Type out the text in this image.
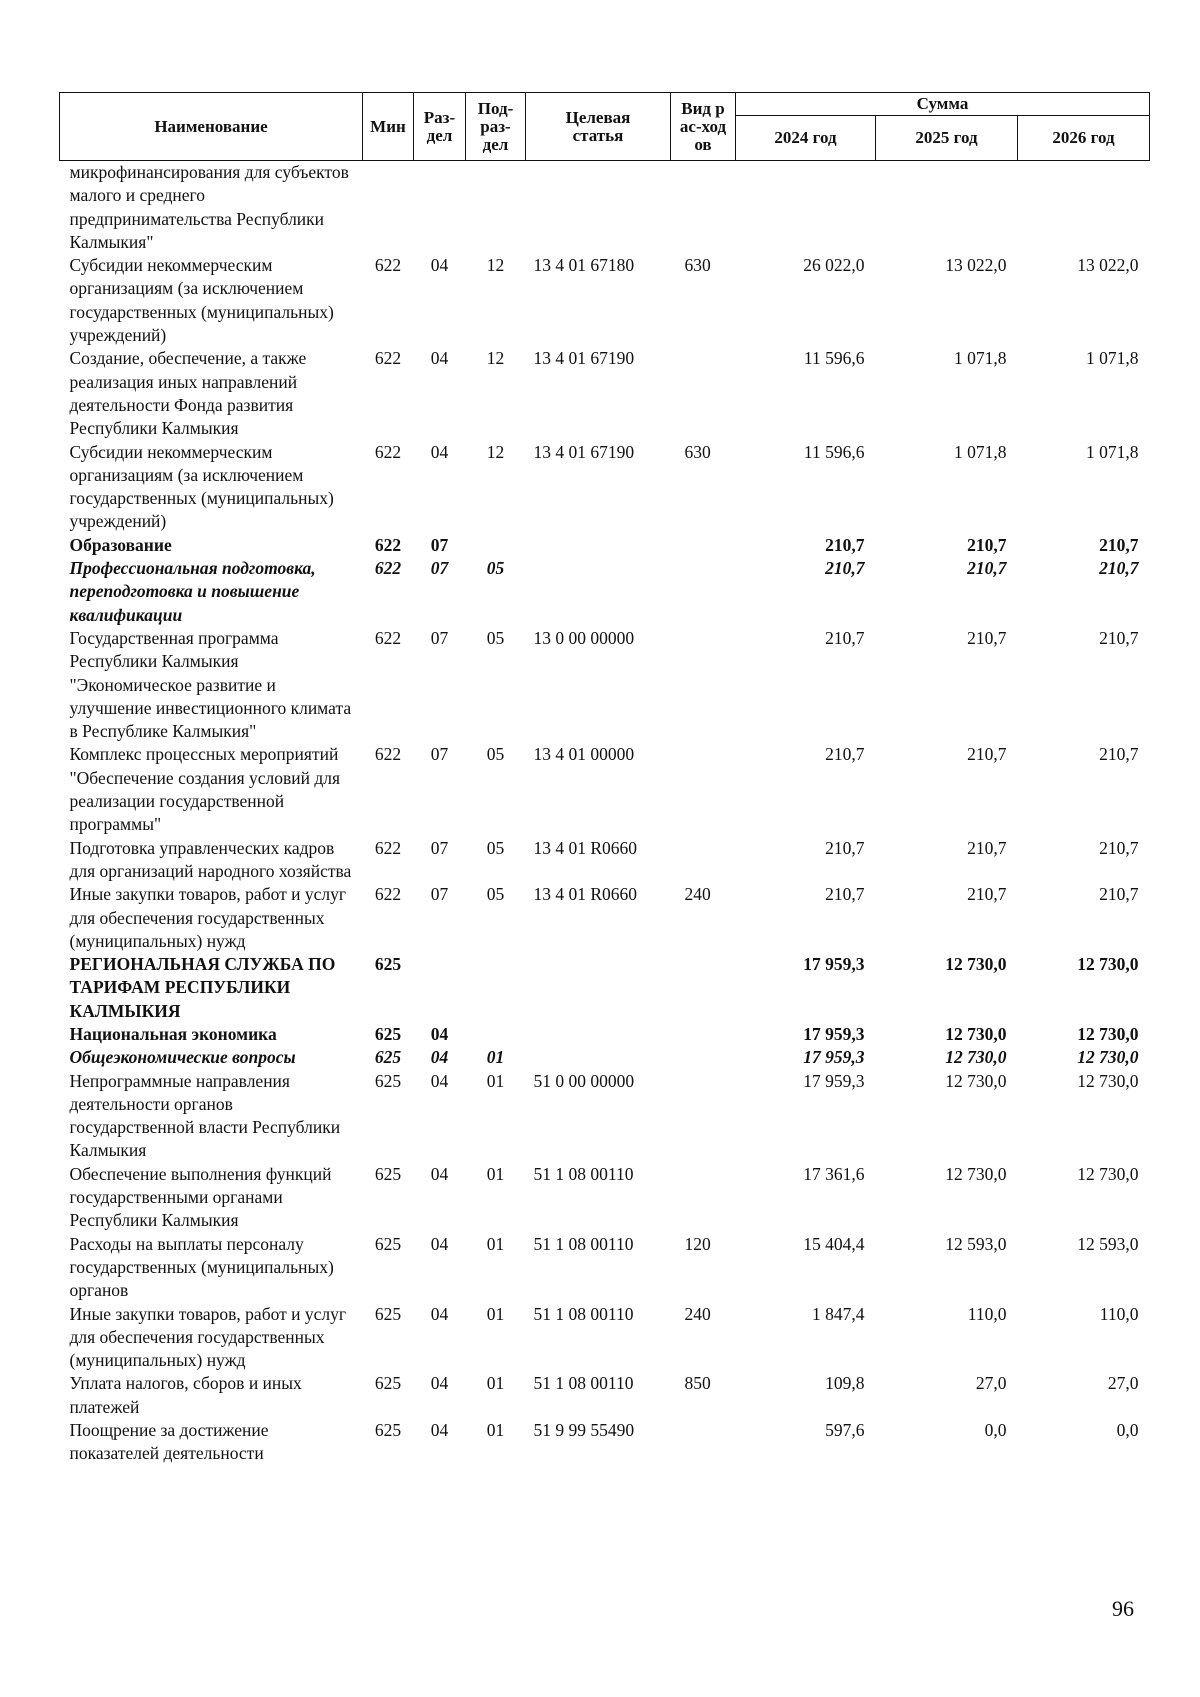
Наименование	Мин	Раз-дел	Под-раз-дел	Целевая статья	Вид рас-ходов	Сумма		
						2024 год	2025 год	2026 год
микрофинансирования для субъектов малого и среднего предпринимательства Республики Калмыкия"								
Субсидии некоммерческим организациям (за исключением государственных (муниципальных) учреждений)	622	04	12	13 4 01 67180	630	26 022,0	13 022,0	13 022,0
Создание, обеспечение, а также реализация иных направлений деятельности Фонда развития Республики Калмыкия	622	04	12	13 4 01 67190		11 596,6	1 071,8	1 071,8
Субсидии некоммерческим организациям (за исключением государственных (муниципальных) учреждений)	622	04	12	13 4 01 67190	630	11 596,6	1 071,8	1 071,8
Образование	622	07				210,7	210,7	210,7
Профессиональная подготовка, переподготовка и повышение квалификации	622	07	05			210,7	210,7	210,7
Государственная программа Республики Калмыкия "Экономическое развитие и улучшение инвестиционного климата в Республике Калмыкия"	622	07	05	13 0 00 00000		210,7	210,7	210,7
Комплекс процессных мероприятий "Обеспечение создания условий для реализации государственной программы"	622	07	05	13 4 01 00000		210,7	210,7	210,7
Подготовка управленческих кадров для организаций народного хозяйства	622	07	05	13 4 01 R0660		210,7	210,7	210,7
Иные закупки товаров, работ и услуг для обеспечения государственных (муниципальных) нужд	622	07	05	13 4 01 R0660	240	210,7	210,7	210,7
РЕГИОНАЛЬНАЯ СЛУЖБА ПО ТАРИФАМ РЕСПУБЛИКИ КАЛМЫКИЯ	625					17 959,3	12 730,0	12 730,0
Национальная экономика	625	04				17 959,3	12 730,0	12 730,0
Общеэкономические вопросы	625	04	01			17 959,3	12 730,0	12 730,0
Непрограммные направления деятельности органов государственной власти Республики Калмыкия	625	04	01	51 0 00 00000		17 959,3	12 730,0	12 730,0
Обеспечение выполнения функций государственными органами Республики Калмыкия	625	04	01	51 1 08 00110		17 361,6	12 730,0	12 730,0
Расходы на выплаты персоналу государственных (муниципальных) органов	625	04	01	51 1 08 00110	120	15 404,4	12 593,0	12 593,0
Иные закупки товаров, работ и услуг для обеспечения государственных (муниципальных) нужд	625	04	01	51 1 08 00110	240	1 847,4	110,0	110,0
Уплата налогов, сборов и иных платежей	625	04	01	51 1 08 00110	850	109,8	27,0	27,0
Поощрение за достижение показателей деятельности	625	04	01	51 9 99 55490		597,6	0,0	0,0
96
